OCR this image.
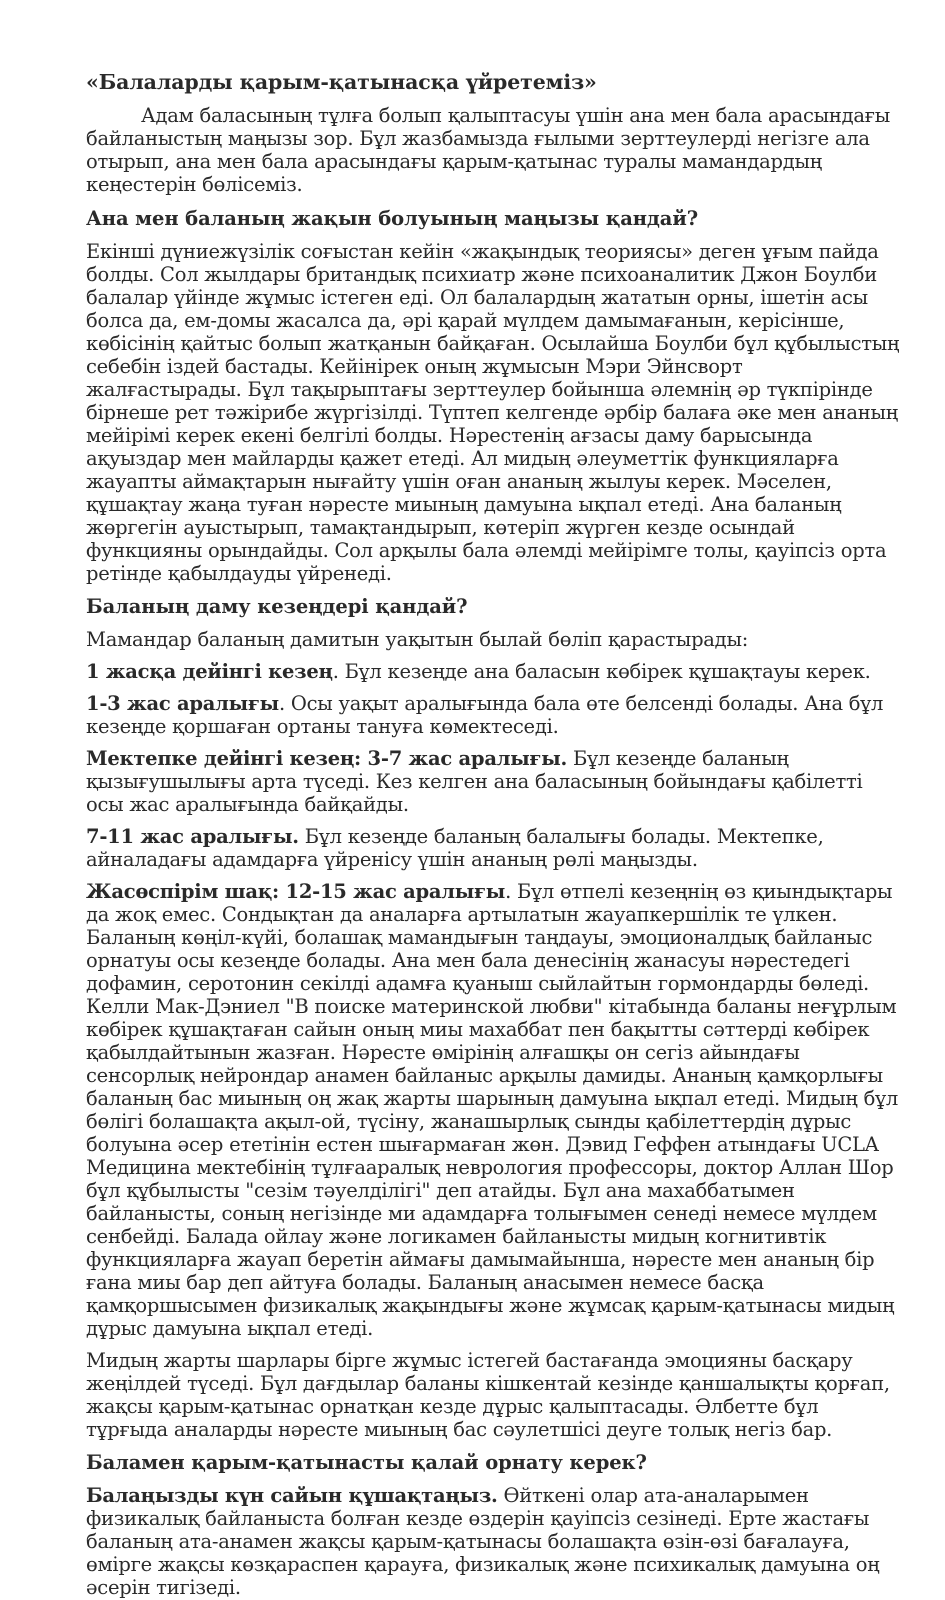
«Балаларды қарым-қатынасқа үйретеміз»

Адам баласының тұлға болып қалыптасуы үшін ана мен бала арасындағы байланыстың маңызы зор. Бұл жазбамызда ғылыми зерттеулерді негізге ала отырып, ана мен бала арасындағы қарым-қатынас туралы мамандардың кеңестерін бөлісеміз.

Ана мен баланың жақын болуының маңызы қандай?

Екінші дүниежүзілік соғыстан кейін «жақындық теориясы» деген ұғым пайда болды. Сол жылдары британдық психиатр және психоаналитик Джон Боулби балалар үйінде жұмыс істеген еді. Ол балалардың жататын орны, ішетін асы болса да, ем-домы жасалса да, әрі қарай мүлдем дамымағанын, керісінше, көбісінің қайтыс болып жатқанын байқаған. Осылайша Боулби бұл құбылыстың себебін іздей бастады. Кейінірек оның жұмысын Мэри Эйнсворт жалғастырады. Бұл тақырыптағы зерттеулер бойынша әлемнің әр түкпірінде бірнеше рет тәжірибе жүргізілді. Түптеп келгенде әрбір балаға әке мен ананың мейірімі керек екені белгілі болды. Нәрестенің ағзасы даму барысында ақуыздар мен майларды қажет етеді. Ал мидың әлеуметтік функцияларға жауапты аймақтарын нығайту үшін оған ананың жылуы керек. Мәселен, құшақтау жаңа туған нәресте миының дамуына ықпал етеді. Ана баланың жөргегін ауыстырып, тамақтандырып, көтеріп жүрген кезде осындай функцияны орындайды. Сол арқылы бала әлемді мейірімге толы, қауіпсіз орта ретінде қабылдауды үйренеді.

Баланың даму кезеңдері қандай?

Мамандар баланың дамитын уақытын былай бөліп қарастырады:

1 жасқа дейінгі кезең. Бұл кезеңде ана баласын көбірек құшақтауы керек.

1-3 жас аралығы. Осы уақыт аралығында бала өте белсенді болады. Ана бұл кезеңде қоршаған ортаны тануға көмектеседі.

Мектепке дейінгі кезең: 3-7 жас аралығы. Бұл кезеңде баланың қызығушылығы арта түседі. Кез келген ана баласының бойындағы қабілетті осы жас аралығында байқайды.

7-11 жас аралығы. Бұл кезеңде баланың балалығы болады. Мектепке, айналадағы адамдарға үйренісу үшін ананың рөлі маңызды.

Жасөспірім шақ: 12-15 жас аралығы. Бұл өтпелі кезеңнің өз қиындықтары да жоқ емес. Сондықтан да аналарға артылатын жауапкершілік те үлкен. Баланың көңіл-күйі, болашақ мамандығын таңдауы, эмоционалдық байланыс орнатуы осы кезеңде болады. Ана мен бала денесінің жанасуы нәрестедегі дофамин, серотонин секілді адамға қуаныш сыйлайтын гормондарды бөледі. Келли Мак-Дэниел "В поиске материнской любви" кітабында баланы неғұрлым көбірек құшақтаған сайын оның миы махаббат пен бақытты сәттерді көбірек қабылдайтынын жазған. Нәресте өмірінің алғашқы он сегіз айындағы сенсорлық нейрондар анамен байланыс арқылы дамиды. Ананың қамқорлығы баланың бас миының оң жақ жарты шарының дамуына ықпал етеді. Мидың бұл бөлігі болашақта ақыл-ой, түсіну, жанашырлық сынды қабілеттердің дұрыс болуына әсер ететінін естен шығармаған жөн. Дэвид Геффен атындағы UCLA Медицина мектебінің тұлғааралық неврология профессоры, доктор Аллан Шор бұл құбылысты "сезім тәуелділігі" деп атайды. Бұл ана махаббатымен байланысты, соның негізінде ми адамдарға толығымен сенеді немесе мүлдем сенбейді. Балада ойлау және логикамен байланысты мидың когнитивтік функцияларға жауап беретін аймағы дамымайынша, нәресте мен ананың бір ғана миы бар деп айтуға болады. Баланың анасымен немесе басқа қамқоршысымен физикалық жақындығы және жұмсақ қарым-қатынасы мидың дұрыс дамуына ықпал етеді.

Мидың жарты шарлары бірге жұмыс істегей бастағанда эмоцияны басқару жеңілдей түседі. Бұл дағдылар баланы кішкентай кезінде қаншалықты қорғап, жақсы қарым-қатынас орнатқан кезде дұрыс қалыптасады. Әлбетте бұл тұрғыда аналарды нәресте миының бас сәулетшісі деуге толық негіз бар.

Баламен қарым-қатынасты қалай орнату керек?

Балаңызды күн сайын құшақтаңыз. Өйткені олар ата-аналарымен физикалық байланыста болған кезде өздерін қауіпсіз сезінеді. Ерте жастағы баланың ата-анамен жақсы қарым-қатынасы болашақта өзін-өзі бағалауға, өмірге жақсы көзқараспен қарауға, физикалық және психикалық дамуына оң әсерін тигізеді.
